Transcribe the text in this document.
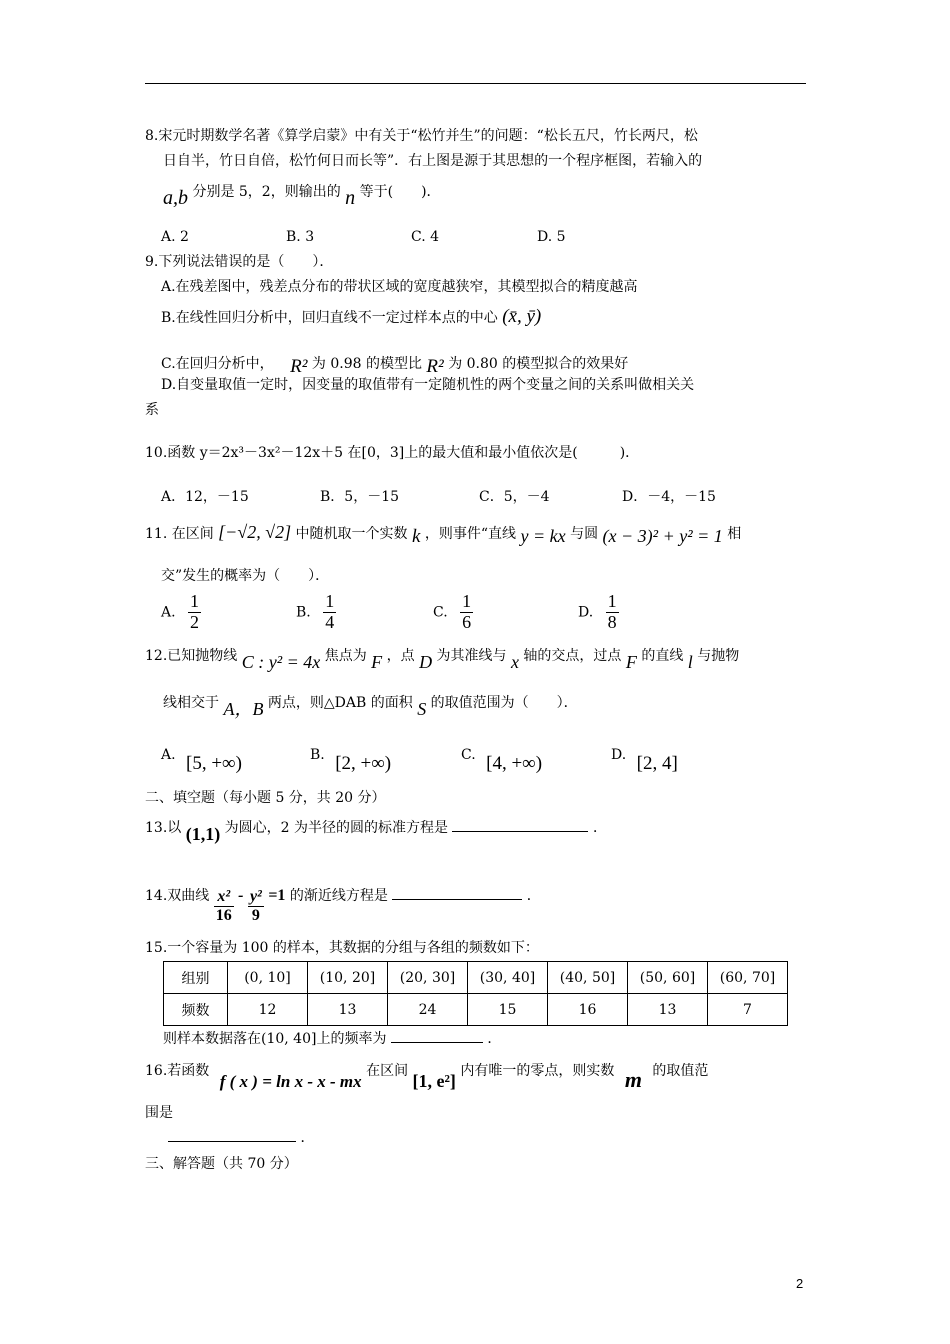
8.宋元时期数学名著《算学启蒙》中有关于“松竹并生”的问题：“松长五尺，竹长两尺，松
日自半，竹日自倍，松竹何日而长等”．右上图是源于其思想的一个程序框图，若输入的
a,b 分别是 5，2，则输出的 n 等于(　　)．
A. 2	B. 3	C. 4	D. 5
9.下列说法错误的是（　　）．
A.在残差图中，残差点分布的带状区域的宽度越狭窄，其模型拟合的精度越高
B.在线性回归分析中，回归直线不一定过样本点的中心 (x̄, ȳ)
C.在回归分析中， R² 为 0.98 的模型比 R² 为 0.80 的模型拟合的效果好
D.自变量取值一定时，因变量的取值带有一定随机性的两个变量之间的关系叫做相关关
系
10.函数 y＝2x³－3x²－12x＋5 在[0，3]上的最大值和最小值依次是(　　　)．
A．12，－15	B．5，－15	C．5，－4	D．－4，－15
11. 在区间 [−√2, √2] 中随机取一个实数 k ，则事件“直线 y = kx 与圆 (x − 3)² + y² = 1 相
交”发生的概率为（　　）．
A. $\frac{1}{2}$	B. $\frac{1}{4}$	C. $\frac{1}{6}$	D. $\frac{1}{8}$
12.已知抛物线 C : y² = 4x 焦点为 F ，点 D 为其准线与 x 轴的交点，过点 F 的直线 l 与抛物
线相交于 A，B 两点，则△DAB 的面积 S 的取值范围为（　　）．
A. [5, +∞)	B. [2, +∞)	C. [4, +∞)	D. [2, 4]
二、填空题（每小题 5 分，共 20 分）
13.以 (1,1) 为圆心，2 为半径的圆的标准方程是	．
14.双曲线 $\frac{\text{x²}}{16} - \frac{\text{y²}}{9} =1$ 的渐近线方程是	．
15.一个容量为 100 的样本，其数据的分组与各组的频数如下：
组别	(0, 10]	(10, 20]	(20, 30]	(30, 40]	(40, 50]	(50, 60]	(60, 70]
频数	12	13	24	15	16	13	7
则样本数据落在(10, 40]上的频率为	．
16.若函数 f ( x ) = ln x - x - mx 在区间 [1, e²] 内有唯一的零点，则实数 m 的取值范
围是
．
三、解答题（共 70 分）
2
